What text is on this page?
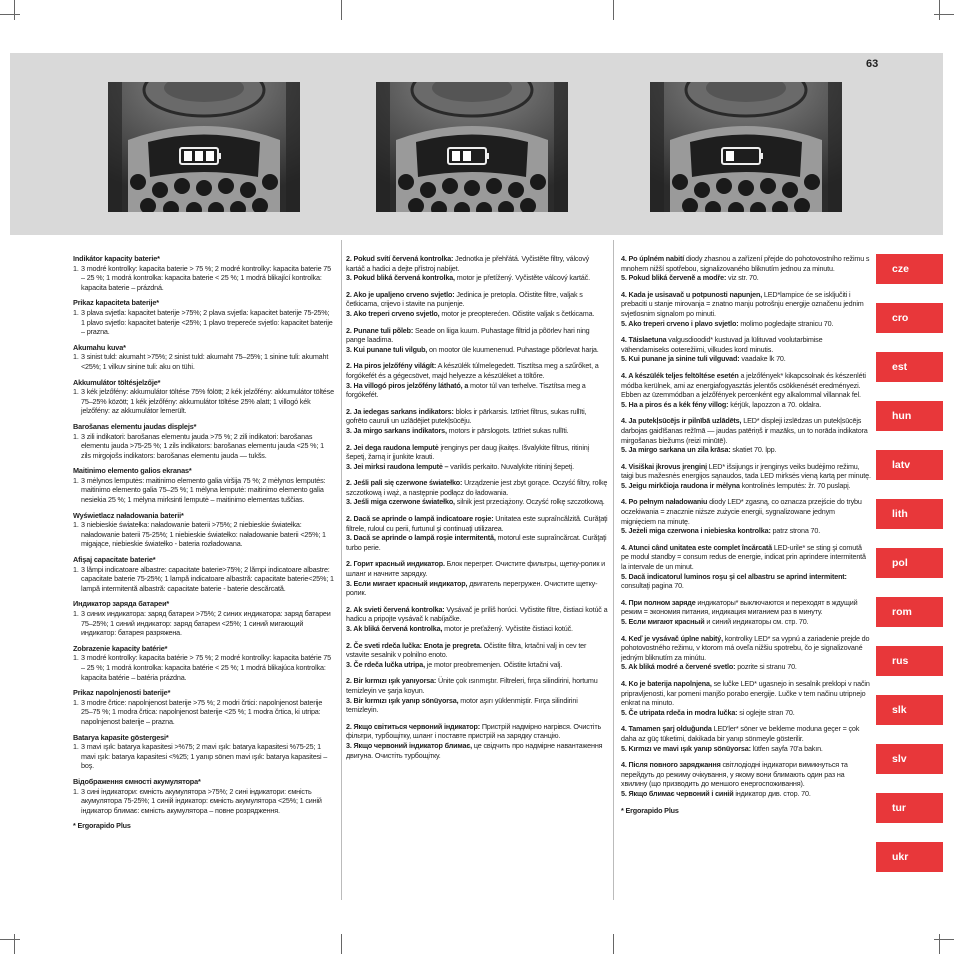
63
Indikátor kapacity baterie*
1. 3 modré kontrolky: kapacita baterie > 75 %; 2 modré kontrolky: kapacita baterie 75 – 25 %; 1 modrá kontrolka: kapacita baterie < 25 %; 1 modrá blikající kontrolka: kapacita baterie – prázdná.
Prikaz kapaciteta baterije*
1. 3 plava svjetla: kapacitet baterije >75%; 2 plava svjetla: kapacitet baterije 75-25%; 1 plavo svjetlo: kapacitet baterije <25%; 1 plavo treperеće svjetlo: kapacitet baterije – prazna.
Akumahu kuva*
1. 3 sinist tuld: akumaht >75%; 2 sinist tuld: akumaht 75–25%; 1 sinine tuli: akumaht <25%; 1 vilkuv sinine tuli: aku on tühi.
Akkumulátor töltésjelzője*
1. 3 kék jelzőfény: akkumulátor töltése 75% fölött; 2 kék jelzőfény: akkumulátor töltése 75–25% között; 1 kék jelzőfény: akkumulátor töltése 25% alatt; 1 villogó kék jelzőfény: az akkumulátor lemerült.
Barošanas elementu jaudas displejs*
1. 3 zili indikatori: barošanas elementu jauda >75 %; 2 zili indikatori: barošanas elementu jauda >75-25 %; 1 zils indikators: barošanas elementu jauda <25 %; 1 zils mirgojošs indikators: barošanas elementu jauda — tukšs.
Maitinimo elemento galios ekranas*
1. 3 mėlynos lemputės: maitinimo elemento galia viršija 75 %; 2 mėlynos lemputės: maitinimo elemento galia 75–25 %; 1 mėlyna lemputė: maitinimo elemento galia nesiekia 25 %; 1 mėlyna mirksinti lemputė – maitinimo elementas tuščias.
Wyświetlacz naładowania baterii*
1. 3 niebieskie światełka: naładowanie baterii >75%; 2 niebieskie światełka: naładowanie baterii 75-25%; 1 niebieskie światełko: naładowanie baterii <25%; 1 migające, niebieskie światełko - bateria rozładowana.
Afişaj capacitate baterie*
1. 3 lămpi indicatoare albastre: capacitate baterie>75%; 2 lămpi indicatoare albastre: capacitate baterie 75-25%; 1 lampă indicatoare albastră: capacitate baterie<25%; 1 lampă intermitentă albastră: capacitate baterie - baterie descărcată.
Индикатор заряда батареи*
1. 3 синих индикатора: заряд батареи >75%; 2 синих индикатора: заряд батареи 75–25%; 1 синий индикатор: заряд батареи <25%; 1 синий мигающий индикатор: батарея разряжена.
Zobrazenie kapacity batérie*
1. 3 modré kontrolky: kapacita batérie > 75 %; 2 modré kontrolky: kapacita batérie 75 – 25 %; 1 modrá kontrolka: kapacita batérie < 25 %; 1 modrá blikajúca kontrolka: kapacita batérie – batéria prázdna.
Prikaz napolnjenosti baterije*
1. 3 modre črtice: napolnjenost baterije >75 %; 2 modri črtici: napolnjenost baterije 25–75 %; 1 modra črtica: napolnjenost baterije <25 %; 1 modra črtica, ki utripa: napolnjenost baterije – prazna.
Batarya kapasite göstergesi*
1. 3 mavi ışık: batarya kapasitesi >%75; 2 mavi ışık: batarya kapasitesi %75-25; 1 mavi ışık: batarya kapasitesi <%25; 1 yanıp sönen mavi ışık: batarya kapasitesi – boş.
Відображення ємності акумулятора*
1. 3 сині індикатори: ємність акумулятора >75%; 2 сині індикатори: ємність акумулятора 75-25%; 1 синій індикатор: ємність акумулятора <25%; 1 синій індикатор блимає: ємність акумулятора – повне розрядження.
* Ergorapido Plus
2. Pokud svítí červená kontrolka: Jednotka je přehřátá. Vyčistěte filtry, válcový kartáč a hadici a dejte přístroj nabíjet.
3. Pokud bliká červená kontrolka, motor je přetížený. Vyčistěte válcový kartáč.
2. Ako je upaljeno crveno svjetlo: Jedinica je pretopla. Očistite filtre, valjak s četkicama, crijevo i stavite na punjenje.
3. Ako treperi crveno svjetlo, motor je preopterećen. Očistite valjak s četkicama.
2. Punane tuli põleb: Seade on liiga kuum. Puhastage filtrid ja põörlev hari ning pange laadima.
3. Kui punane tuli vilgub, on mootor üle kuumenenud. Puhastage põörlevat harja.
2. Ha piros jelzőfény világít: A készülék túlmelegedett. Tisztítsa meg a szűrőket, a forgókefét és a gégecsövet, majd helyezze a készüléket a töltőre.
3. Ha villogó piros jelzőfény látható, a motor túl van terhelve. Tisztítsa meg a forgókefét.
2. Ja iedegas sarkans indikators: bloks ir pārkarsis. Iztīriet filtrus, sukas rullīti, gofrēto cauruli un uzlādējiet putekļsūcēju.
3. Ja mirgo sarkans indikators, motors ir pārslogots. Iztīriet sukas rullīti.
2. Jei dega raudona lemputė įrenginys per daug įkaitęs. Išvalykite filtrus, ritininį šepetį, žarną ir įjunkite krauti.
3. Jei mirksi raudona lemputė – variklis perkaito. Nuvalykite ritininį šepetį.
2. Jeśli pali się czerwone światełko: Urządzenie jest zbyt gorące. Oczyść filtry, rolkę szczotkową i wąż, a następnie podłącz do ładowania.
3. Jeśli miga czerwone światełko, silnik jest przeciążony. Oczyść rolkę szczotkową.
2. Dacă se aprinde o lampă indicatoare roşie: Unitatea este supraîncălzită. Curăţaţi filtrele, ruloul cu perii, furtunul şi continuaţi utilizarea.
3. Dacă se aprinde o lampă roşie intermitentă, motorul este supraîncărcat. Curăţaţi turbo perie.
2. Горит красный индикатор. Блок перегрет. Очистите фильтры, щетку-ролик и шланг и начните зарядку.
3. Если мигает красный индикатор, двигатель перегружен. Очистите щетку-ролик.
2. Ak svieti červená kontrolka: Vysávač je príliš horúci. Vyčistite filtre, čistiaci kotúč a hadicu a pripojte vysávač k nabíjačke.
3. Ak bliká červená kontrolka, motor je preťažený. Vyčistite čistiaci kotúč.
2. Če sveti rdeča lučka: Enota je pregreta. Očistite filtra, krtačni valj in cev ter vstavite sesalnik v polnilno enoto.
3. Če rdeča lučka utripa, je motor preobremenjen. Očistite krtačni valj.
2. Bir kırmızı ışık yanıyorsa: Ünite çok ısınmıştır. Filtreleri, fırça silindirini, hortumu temizleyin ve şarja koyun.
3. Bir kırmızı ışık yanıp sönüyorsa, motor aşırı yüklenmiştir. Fırça silindirini temizleyin.
2. Якщо світиться червоний індикатор: Пристрій надмірно нагрівся. Очистіть фільтри, турбощітку, шланг і поставте пристрій на зарядку станцію.
3. Якщо червоний індикатор блимає, це свідчить про надмірне навантаження двигуна. Очистіть турбощітку.
4. Po úplném nabití diody zhasnou a zařízení přejde do pohotovostního režimu s mnohem nižší spotřebou, signalizovaného bliknutím jednou za minutu.
5. Pokud bliká červeně a modře: viz str. 70.
4. Kada je usisavač u potpunosti napunjen, LED*lampice će se isključiti i prebaciti u stanje mirovanja = znatno manju potrošnju energije označenu jednim svjetlosnim signalom po minuti.
5. Ako treperi crveno i plavo svjetlo: molimo pogledajte stranicu 70.
4. Täislaetuna valgusdioodid* kustuvad ja lülituvad voolutarbimise vähendamiseks ooterežiimi, vilkudes kord minutis.
5. Kui punane ja sinine tuli vilguvad: vaadake lk 70.
4. A készülék teljes feltöltése esetén a jelzőfények* kikapcsolnak és készenléti módba kerülnek, ami az energiafogyasztás jelentős csökkenését eredményezi. Ebben az üzemmódban a jelzőfények percenként egy alkalommal villannak fel.
5. Ha a piros és a kék fény villog: kérjük, lapozzon a 70. oldalra.
4. Ja putekļsūcējs ir pilnībā uzlādēts, LED* displeji izslēdzas un putekļsūcējs darbojas gaidīšanas režīmā — jaudas patēriņš ir mazāks, un to norāda indikatora mirgošanas biežums (reizi minūtē).
5. Ja mirgo sarkana un zila krāsa: skatiet 70. lpp.
4. Visiškai įkrovus įrenginį LED* išsijungs ir įrenginys veiks budėjimo režimu, taigi bus mažesnės energijos sąnaudos, tada LED mirksės vieną kartą per minutę.
5. Jeigu mirkčioja raudona ir mėlyna kontrolinės lemputės: žr. 70 puslapį.
4. Po pełnym naładowaniu diody LED* zgasną, co oznacza przejście do trybu oczekiwania = znacznie niższe zużycie energii, sygnalizowane jednym mignięciem na minutę.
5. Jeżeli miga czerwona i niebieska kontrolka: patrz strona 70.
4. Atunci când unitatea este complet încărcată LED-urile* se sting şi comută pe modul standby = consum redus de energie, indicat prin aprindere intermitentă la intervale de un minut.
5. Dacă indicatorul luminos roşu şi cel albastru se aprind intermitent: consultaţi pagina 70.
4. При полном заряде индикаторы* выключаются и переходят в ждущий режим = экономия питания, индикация миганием раз в минуту.
5. Если мигают красный и синий индикаторы см. стр. 70.
4. Keď je vysávač úplne nabitý, kontrolky LED* sa vypnú a zariadenie prejde do pohotovostného režimu, v ktorom má oveľa nižšiu spotrebu, čo je signalizované jedným bliknutím za minútu.
5. Ak bliká modré a červené svetlo: pozrite si stranu 70.
4. Ko je baterija napolnjena, se lučke LED* ugasnejo in sesalnik preklopi v način pripravljenosti, kar pomeni manjšo porabo energije. Lučke v tem načinu utripnejo enkrat na minuto.
5. Če utripata rdeča in modra lučka: si oglejte stran 70.
4. Tamamen şarj olduğunda LED'ler* söner ve bekleme moduna geçer = çok daha az güç tüketimi, dakikada bir yanıp sönmeyle gösterilir.
5. Kırmızı ve mavi ışık yanıp sönüyorsa: lütfen sayfa 70'a bakın.
4. Після повного заряджання світлодіодні індикатори вимикнуться та перейдуть до режиму очікування, у якому вони блимають один раз на хвилину (що призводить до меншого енергоспоживання).
5. Якщо блимає червоний і синій індикатор див. стор. 70.
* Ergorapido Plus
cze
cro
est
hun
latv
lith
pol
rom
rus
slk
slv
tur
ukr
